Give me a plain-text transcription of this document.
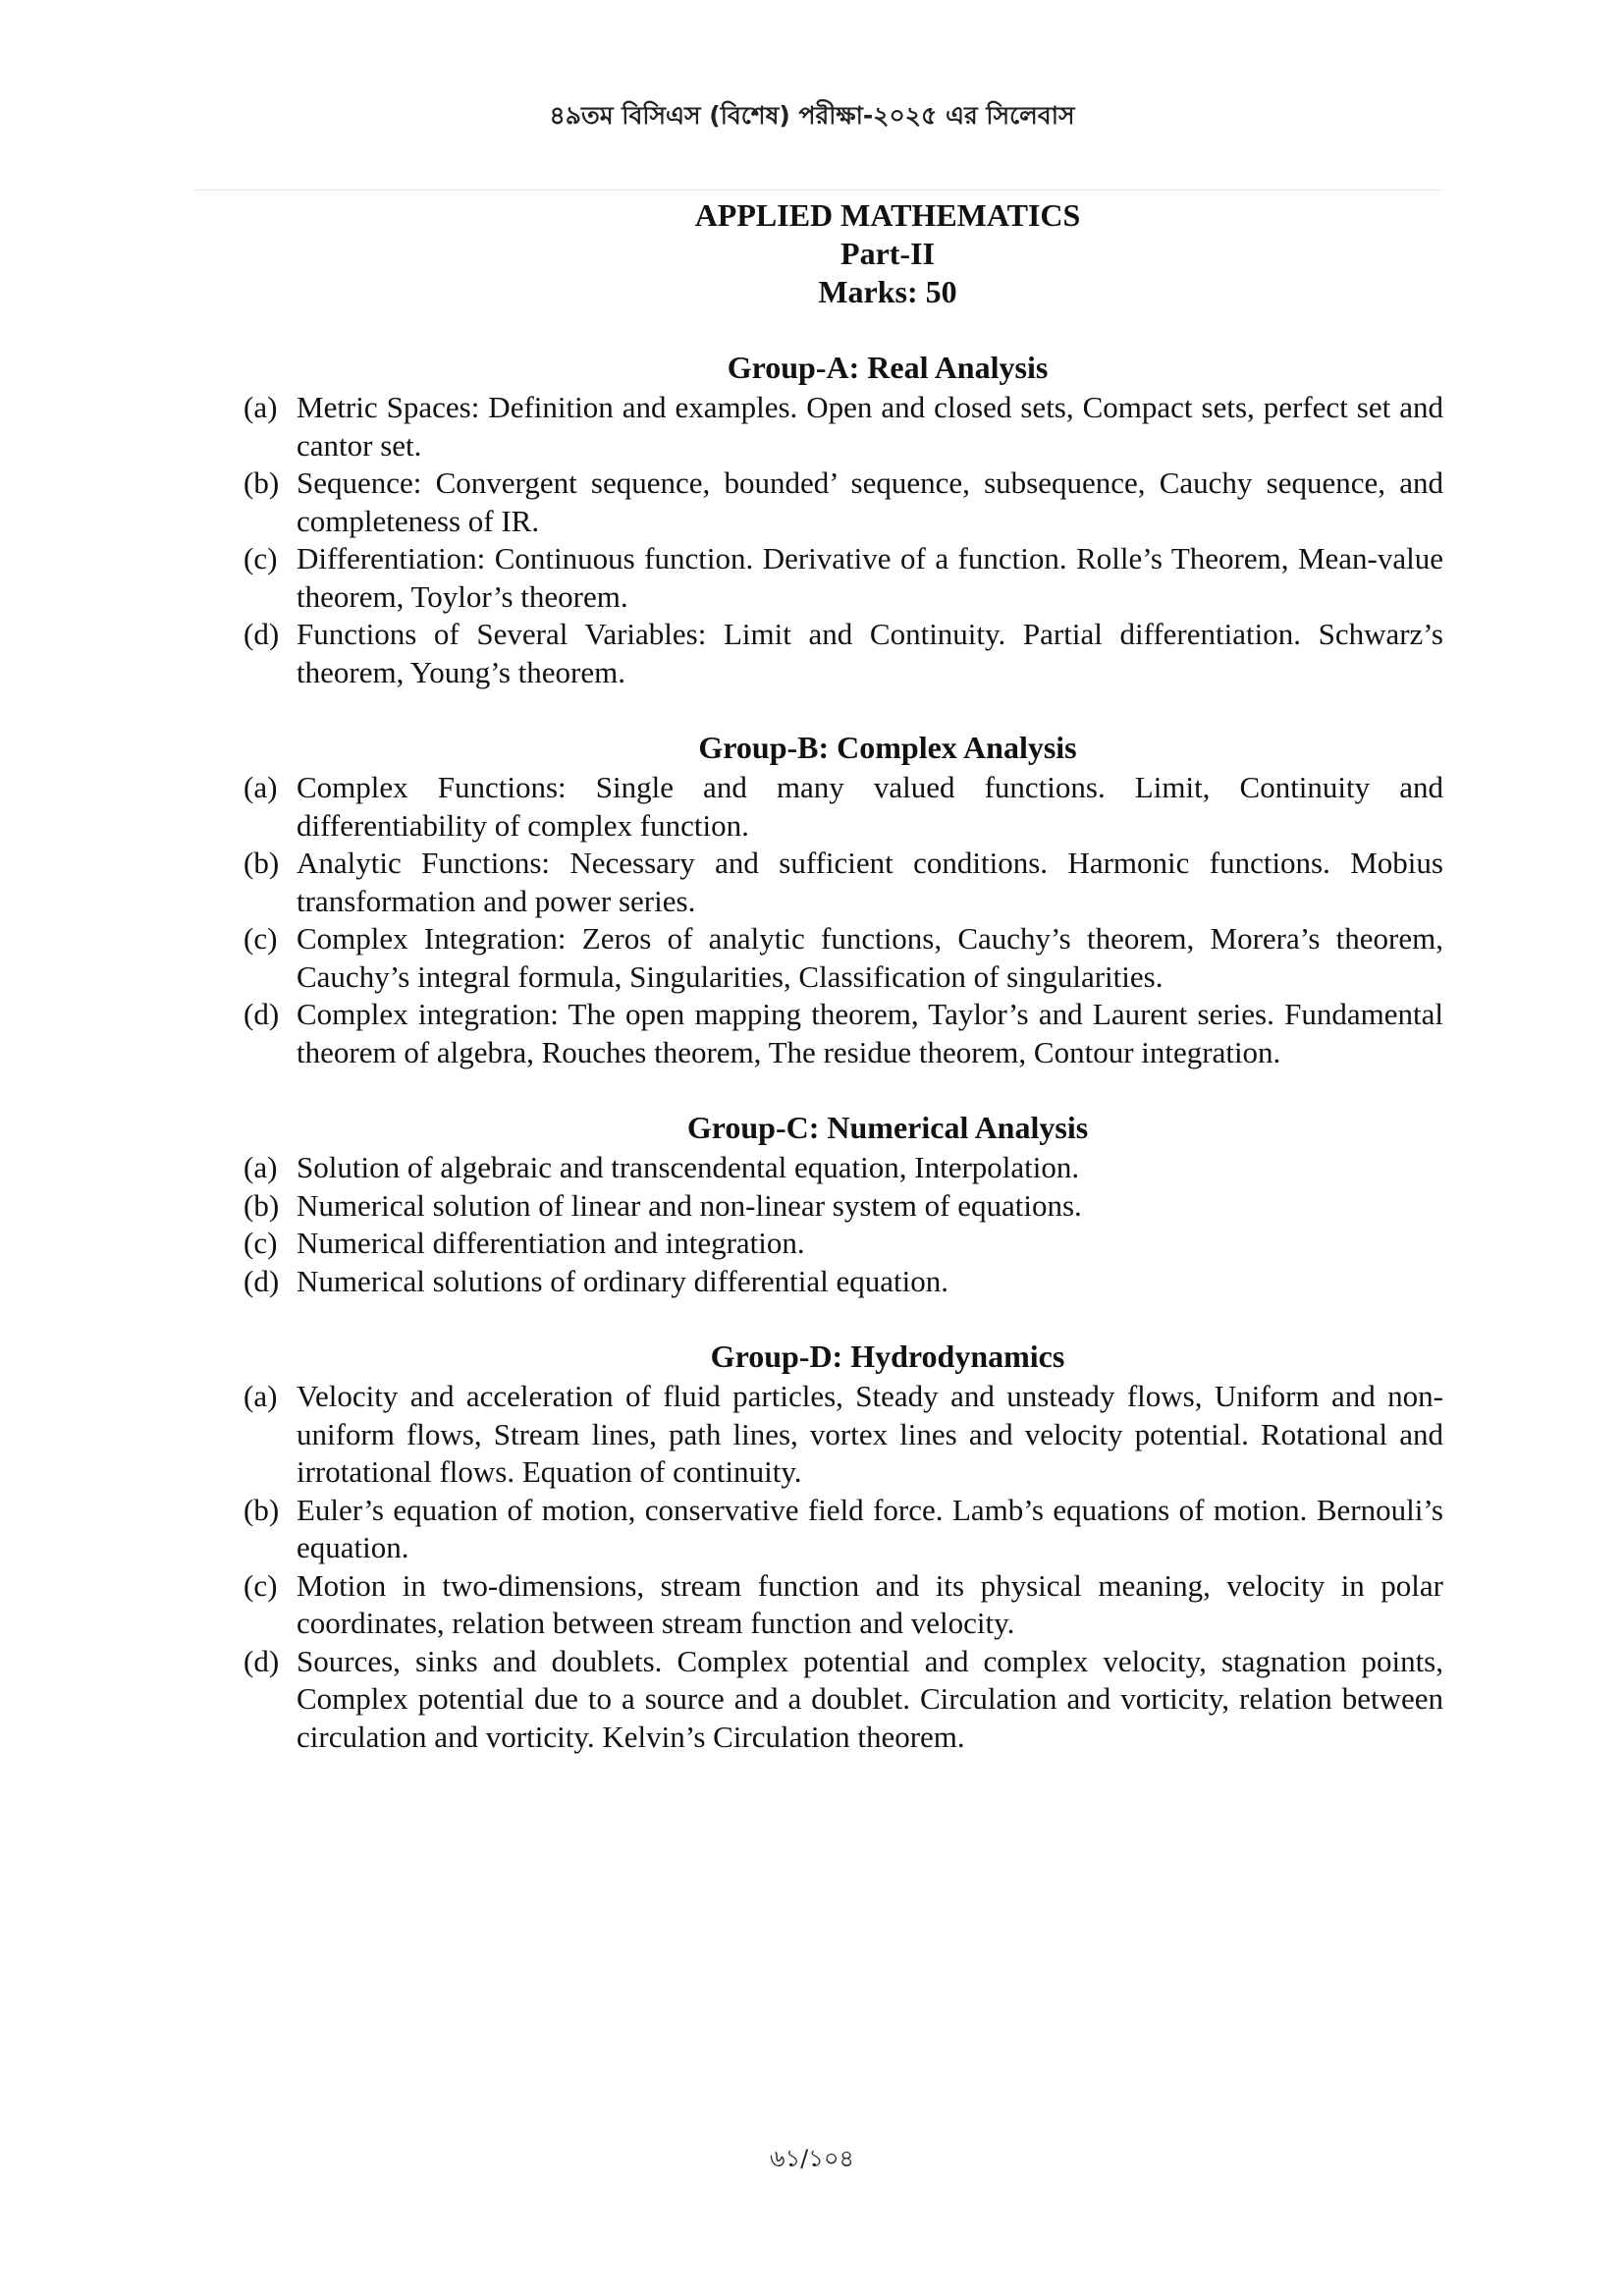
৪৯তম বিসিএস (বিশেষ) পরীক্ষা-২০২৫ এর সিলেবাস
APPLIED MATHEMATICS
Part-II
Marks: 50
Group-A: Real Analysis
(a) Metric Spaces: Definition and examples. Open and closed sets, Compact sets, perfect set and cantor set.
(b) Sequence: Convergent sequence, bounded’ sequence, subsequence, Cauchy sequence, and completeness of IR.
(c) Differentiation: Continuous function. Derivative of a function. Rolle’s Theorem, Mean-value theorem, Toylor’s theorem.
(d) Functions of Several Variables: Limit and Continuity. Partial differentiation. Schwarz’s theorem, Young’s theorem.
Group-B: Complex Analysis
(a) Complex Functions: Single and many valued functions. Limit, Continuity and differentiability of complex function.
(b) Analytic Functions: Necessary and sufficient conditions. Harmonic functions. Mobius transformation and power series.
(c) Complex Integration: Zeros of analytic functions, Cauchy’s theorem, Morera’s theorem, Cauchy’s integral formula, Singularities, Classification of singularities.
(d) Complex integration: The open mapping theorem, Taylor’s and Laurent series. Fundamental theorem of algebra, Rouches theorem, The residue theorem, Contour integration.
Group-C: Numerical Analysis
(a) Solution of algebraic and transcendental equation, Interpolation.
(b) Numerical solution of linear and non-linear system of equations.
(c) Numerical differentiation and integration.
(d) Numerical solutions of ordinary differential equation.
Group-D: Hydrodynamics
(a) Velocity and acceleration of fluid particles, Steady and unsteady flows, Uniform and non-uniform flows, Stream lines, path lines, vortex lines and velocity potential. Rotational and irrotational flows. Equation of continuity.
(b) Euler’s equation of motion, conservative field force. Lamb’s equations of motion. Bernouli’s equation.
(c) Motion in two-dimensions, stream function and its physical meaning, velocity in polar coordinates, relation between stream function and velocity.
(d) Sources, sinks and doublets. Complex potential and complex velocity, stagnation points, Complex potential due to a source and a doublet. Circulation and vorticity, relation between circulation and vorticity. Kelvin’s Circulation theorem.
৬১/১০৪
